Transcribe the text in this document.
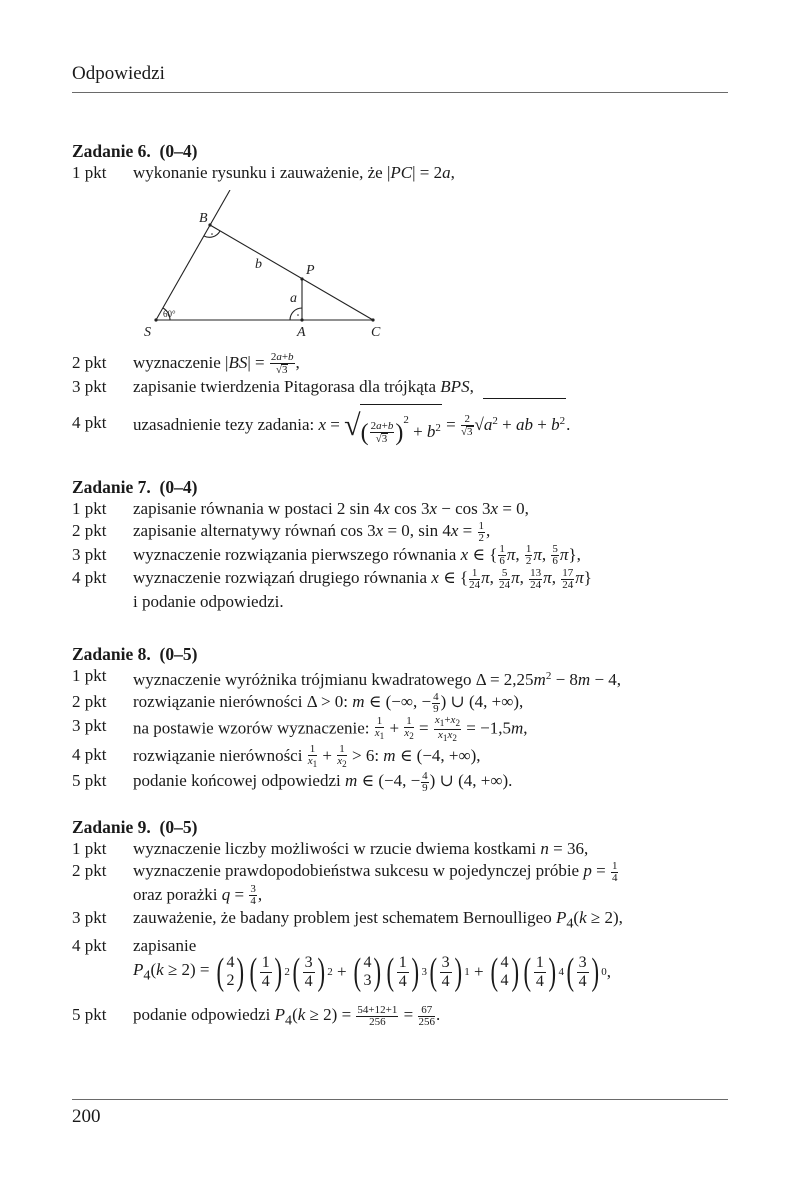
Odpowiedzi
Zadanie 6. (0–4)
1 pkt	wykonanie rysunku i zauważenie, że |PC| = 2a,
B
P
S	A	C
b
a
60°
2 pkt	wyznaczenie $|BS| = \frac{2a+b}{√3}$ ,
3 pkt	zapisanie twierdzenia Pitagorasa dla trójkąta BPS,
4 pkt	uzasadnienie tezy zadania: x = √( $\frac{2a+b}{√3} )^2 + b^2 = \frac{2}{√3} √a^2$ + ab + $b^2$.
Zadanie 7. (0–4)
1 pkt	zapisanie równania w postaci 2 sin 4x cos 3x − cos 3x = 0,
2 pkt	zapisanie alternatywy równań cos 3x = 0, $\sin 4x = \frac{1}{2}$ ,
3 pkt	wyznaczenie rozwiązania pierwszego równania x ∈ { $\frac{1}{6} \pi$, $\frac{1}{2} \pi$, $\frac{5}{6} \pi$},
4 pkt	wyznaczenie rozwiązań drugiego równania x ∈ { $\frac{1}{24} \pi$, $\frac{5}{24} \pi$, $\frac{13}{24} \pi$, $\frac{17}{24} \pi$}
i podanie odpowiedzi.
Zadanie 8. (0–5)
1 pkt	wyznaczenie wyróżnika trójmianu kwadratowego $\Delta = 2,25m^2 - 8m - 4$,
2 pkt	rozwiązanie nierówności Δ > 0: m ∈ (−∞, − $\frac{4}{9}$ ) ∪ (4, +∞),
3 pkt	na postawie wzorów wyznaczenie: $\frac{1}{x_1} + \frac{1}{x_2} = \frac{x_1+x_2}{x_1x_2} = -1,5m$,
4 pkt	rozwiązanie nierówności $\frac{1}{x_1} + \frac{1}{x_2} > 6$: m ∈ (−4, +∞),
5 pkt	podanie końcowej odpowiedzi m ∈ (−4, − $\frac{4}{9}$ ) ∪ (4, +∞).
Zadanie 9. (0–5)
1 pkt	wyznaczenie liczby możliwości w rzucie dwiema kostkami n = 36,
2 pkt	wyznaczenie prawdopodobieństwa sukcesu w pojedynczej próbie $p = \frac{1}{4}$
oraz porażki $q = \frac{3}{4}$ ,
3 pkt	zauważenie, że badany problem jest schematem Bernoulligeo $P_4(k \ge 2)$,
4 pkt	zapisanie
$P_4(k \ge 2)$ = ( 4
2 ) ( 1
4 ) 2 ( 3
4 ) 2 + ( 4
3 ) ( 1
4 ) 3 ( 3
4 ) 1 + ( 4
4 ) ( 1
4 ) 4 ( 3
4 ) 0 ,
5 pkt	podanie odpowiedzi $P_4(k \ge 2) = \frac{54+12+1}{256} = \frac{67}{256}$ .
200
